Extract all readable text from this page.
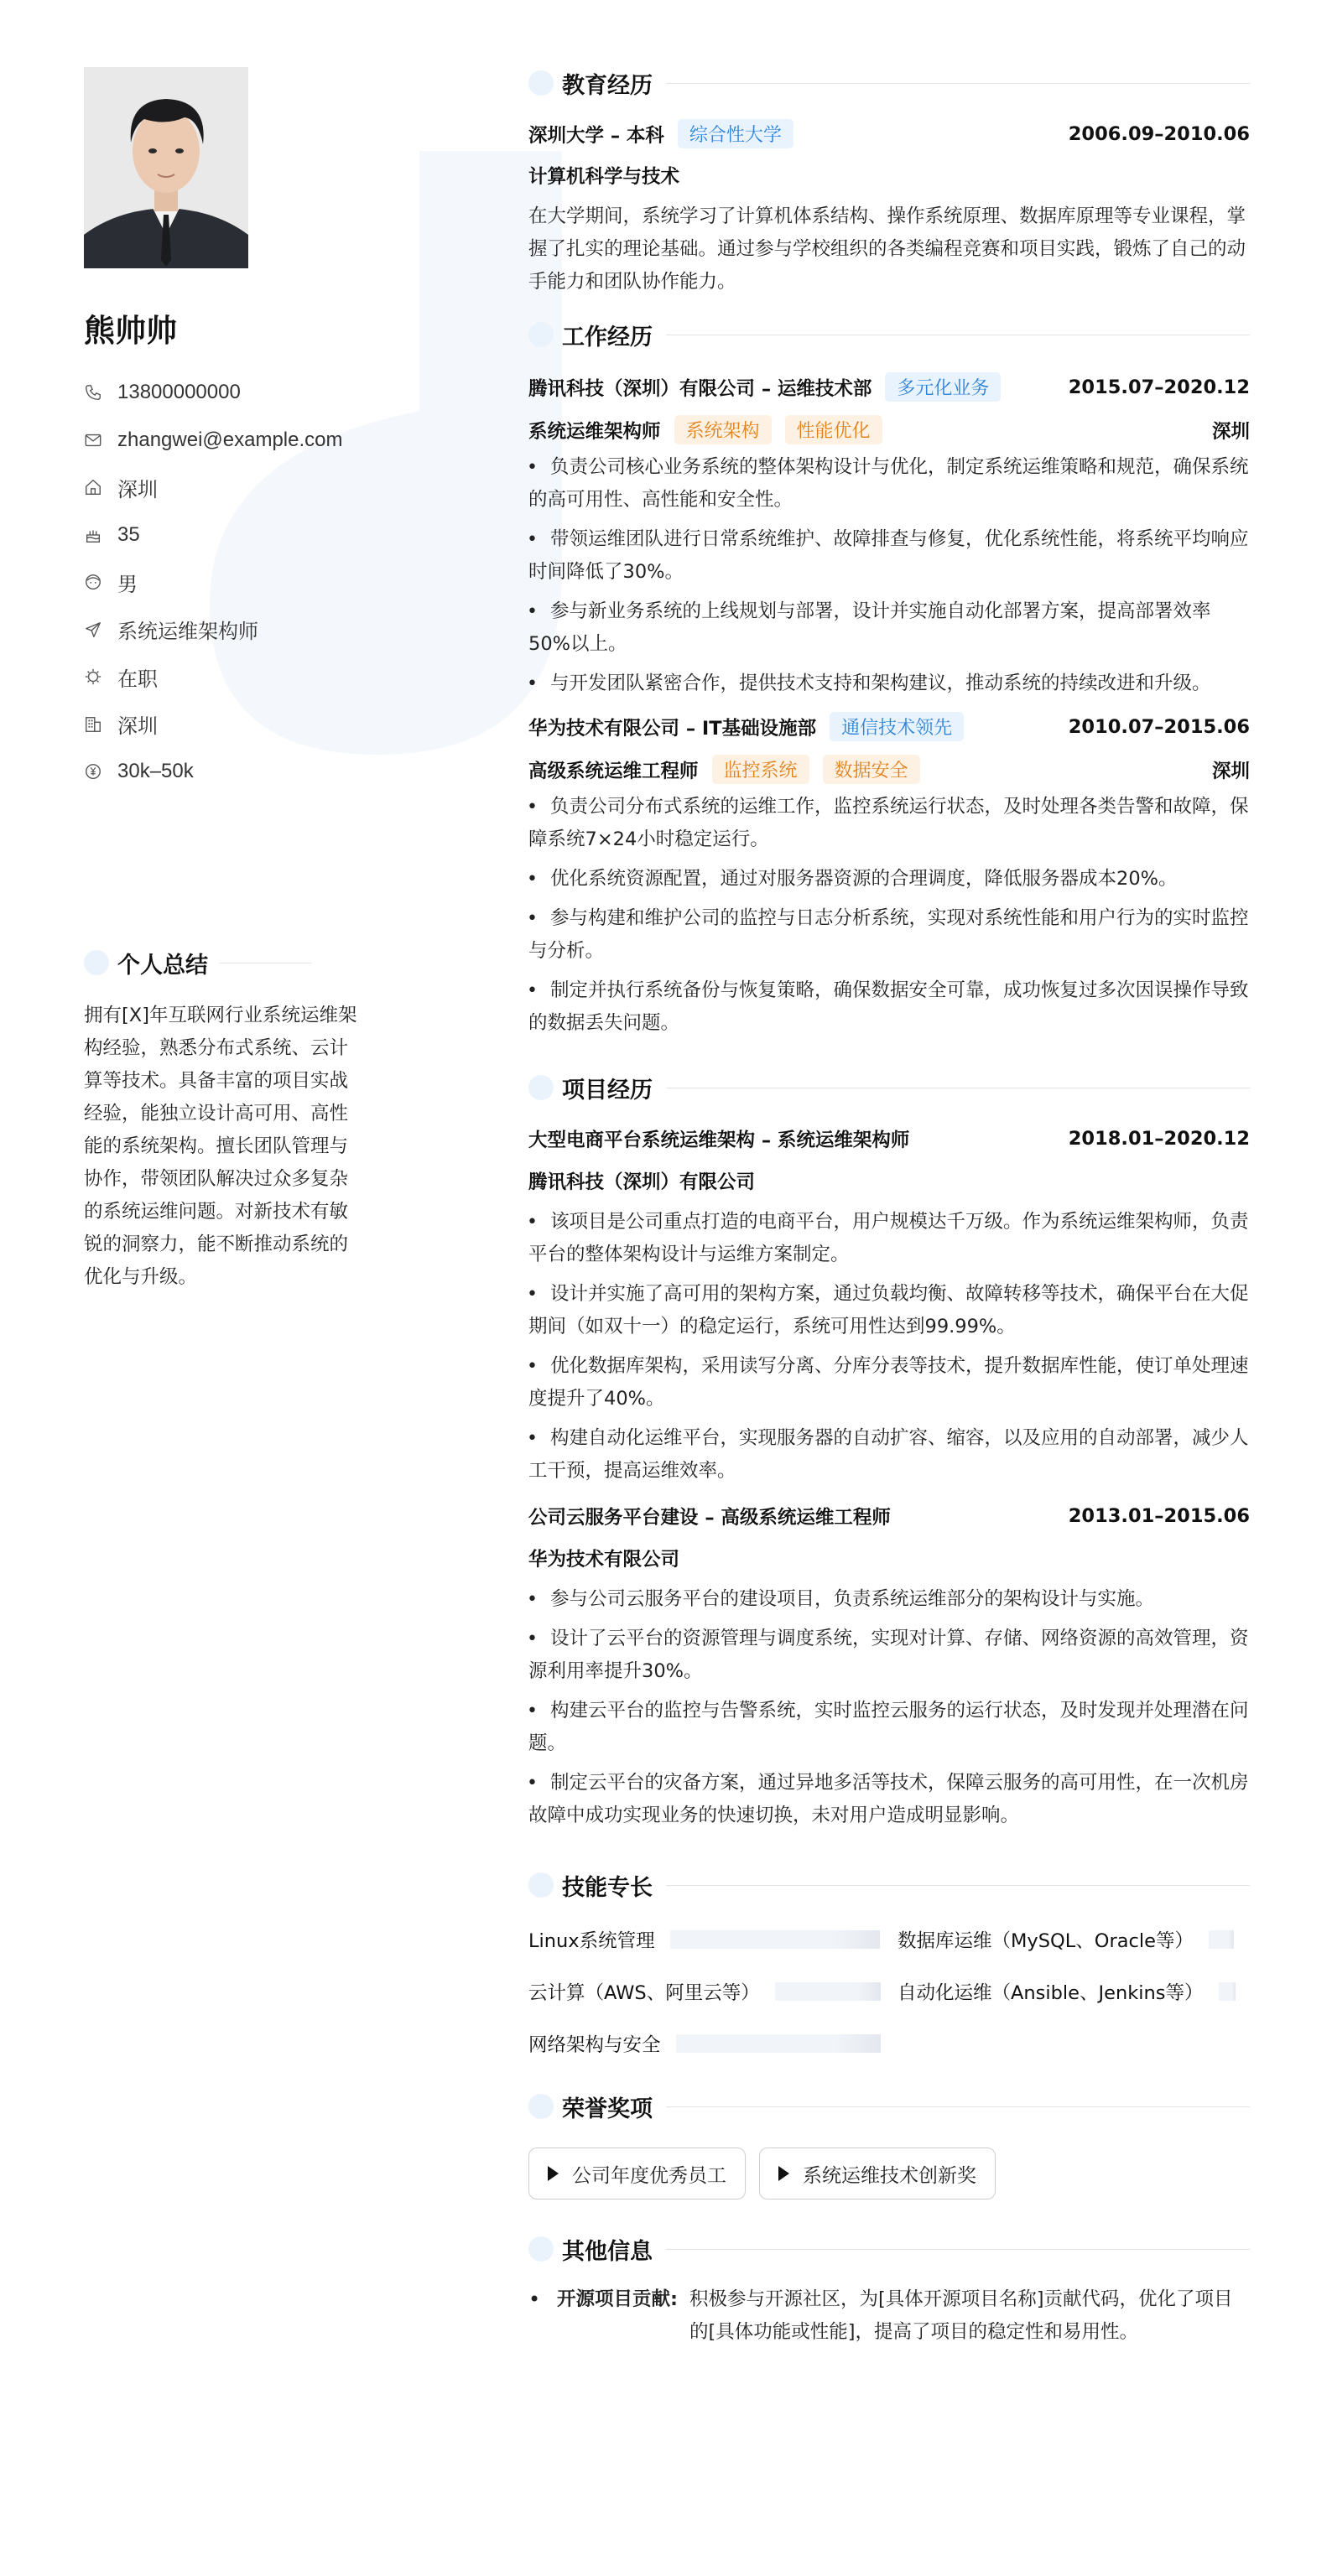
熊帅帅
13800000000
zhangwei@example.com
深圳
35
男
系统运维架构师
在职
深圳
30k–50k
个人总结
拥有[X]年互联网行业系统运维架构经验，熟悉分布式系统、云计算等技术。具备丰富的项目实战经验，能独立设计高可用、高性能的系统架构。擅长团队管理与协作，带领团队解决过众多复杂的系统运维问题。对新技术有敏锐的洞察力，能不断推动系统的优化与升级。
教育经历
深圳大学 – 本科	综合性大学	2006.09–2010.06
计算机科学与技术
在大学期间，系统学习了计算机体系结构、操作系统原理、数据库原理等专业课程，掌握了扎实的理论基础。通过参与学校组织的各类编程竞赛和项目实践，锻炼了自己的动手能力和团队协作能力。
工作经历
腾讯科技（深圳）有限公司 – 运维技术部	多元化业务	2015.07–2020.12
系统运维架构师	系统架构	性能优化	深圳
• 负责公司核心业务系统的整体架构设计与优化，制定系统运维策略和规范，确保系统的高可用性、高性能和安全性。
• 带领运维团队进行日常系统维护、故障排查与修复，优化系统性能，将系统平均响应时间降低了30%。
• 参与新业务系统的上线规划与部署，设计并实施自动化部署方案，提高部署效率50%以上。
• 与开发团队紧密合作，提供技术支持和架构建议，推动系统的持续改进和升级。
华为技术有限公司 – IT基础设施部	通信技术领先	2010.07–2015.06
高级系统运维工程师	监控系统	数据安全	深圳
• 负责公司分布式系统的运维工作，监控系统运行状态，及时处理各类告警和故障，保障系统7×24小时稳定运行。
• 优化系统资源配置，通过对服务器资源的合理调度，降低服务器成本20%。
• 参与构建和维护公司的监控与日志分析系统，实现对系统性能和用户行为的实时监控与分析。
• 制定并执行系统备份与恢复策略，确保数据安全可靠，成功恢复过多次因误操作导致的数据丢失问题。
项目经历
大型电商平台系统运维架构 – 系统运维架构师	2018.01–2020.12
腾讯科技（深圳）有限公司
• 该项目是公司重点打造的电商平台，用户规模达千万级。作为系统运维架构师，负责平台的整体架构设计与运维方案制定。
• 设计并实施了高可用的架构方案，通过负载均衡、故障转移等技术，确保平台在大促期间（如双十一）的稳定运行，系统可用性达到99.99%。
• 优化数据库架构，采用读写分离、分库分表等技术，提升数据库性能，使订单处理速度提升了40%。
• 构建自动化运维平台，实现服务器的自动扩容、缩容，以及应用的自动部署，减少人工干预，提高运维效率。
公司云服务平台建设 – 高级系统运维工程师	2013.01–2015.06
华为技术有限公司
• 参与公司云服务平台的建设项目，负责系统运维部分的架构设计与实施。
• 设计了云平台的资源管理与调度系统，实现对计算、存储、网络资源的高效管理，资源利用率提升30%。
• 构建云平台的监控与告警系统，实时监控云服务的运行状态，及时发现并处理潜在问题。
• 制定云平台的灾备方案，通过异地多活等技术，保障云服务的高可用性，在一次机房故障中成功实现业务的快速切换，未对用户造成明显影响。
技能专长
Linux系统管理	数据库运维（MySQL、Oracle等）
云计算（AWS、阿里云等）	自动化运维（Ansible、Jenkins等）
网络架构与安全
荣誉奖项
公司年度优秀员工	系统运维技术创新奖
其他信息
• 开源项目贡献: 积极参与开源社区，为[具体开源项目名称]贡献代码，优化了项目的[具体功能或性能]，提高了项目的稳定性和易用性。
